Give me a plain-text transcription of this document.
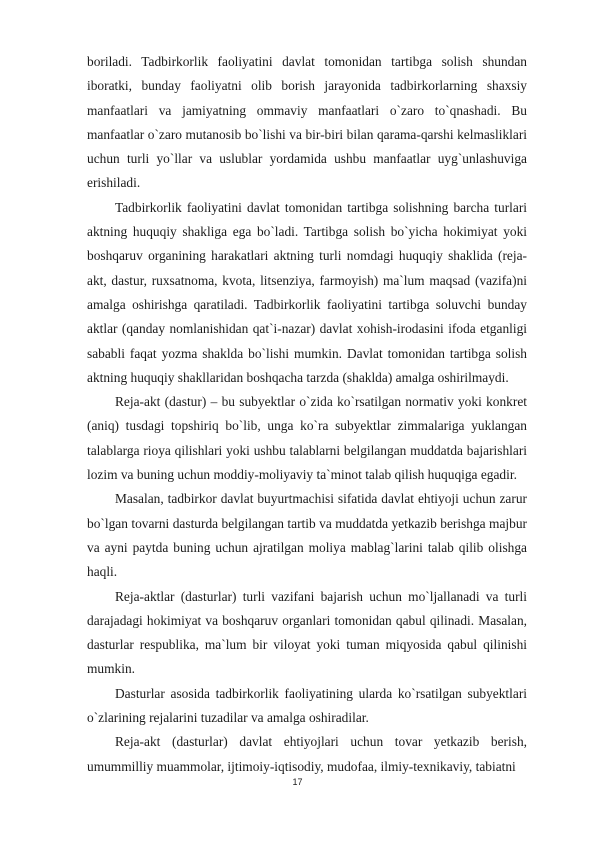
boriladi. Tadbirkorlik faoliyatini davlat tomonidan tartibga solish shundan iboratki, bunday faoliyatni olib borish jarayonida tadbirkorlarning shaxsiy manfaatlari va jamiyatning ommaviy manfaatlari o`zaro to`qnashadi. Bu manfaatlar o`zaro mutanosib bo`lishi va bir-biri bilan qarama-qarshi kelmasliklari uchun turli yo`llar va uslublar yordamida ushbu manfaatlar uyg`unlashuviga erishiladi.

Tadbirkorlik faoliyatini davlat tomonidan tartibga solishning barcha turlari aktning huquqiy shakliga ega bo`ladi. Tartibga solish bo`yicha hokimiyat yoki boshqaruv organining harakatlari aktning turli nomdagi huquqiy shaklida (reja-akt, dastur, ruxsatnoma, kvota, litsenziya, farmoyish) ma`lum maqsad (vazifa)ni amalga oshirishga qaratiladi. Tadbirkorlik faoliyatini tartibga soluvchi bunday aktlar (qanday nomlanishidan qat`i-nazar) davlat xohish-irodasini ifoda etganligi sababli faqat yozma shaklda bo`lishi mumkin. Davlat tomonidan tartibga solish aktning huquqiy shakllaridan boshqacha tarzda (shaklda) amalga oshirilmaydi.

Reja-akt (dastur) – bu subyektlar o`zida ko`rsatilgan normativ yoki konkret (aniq) tusdagi topshiriq bo`lib, unga ko`ra subyektlar zimmalariga yuklangan talablarga rioya qilishlari yoki ushbu talablarni belgilangan muddatda bajarishlari lozim va buning uchun moddiy-moliyaviy ta`minot talab qilish huquqiga egadir.

Masalan, tadbirkor davlat buyurtmachisi sifatida davlat ehtiyoji uchun zarur bo`lgan tovarni dasturda belgilangan tartib va muddatda yetkazib berishga majbur va ayni paytda buning uchun ajratilgan moliya mablag`larini talab qilib olishga haqli.

Reja-aktlar (dasturlar) turli vazifani bajarish uchun mo`ljallanadi va turli darajadagi hokimiyat va boshqaruv organlari tomonidan qabul qilinadi. Masalan, dasturlar respublika, ma`lum bir viloyat yoki tuman miqyosida qabul qilinishi mumkin.

Dasturlar asosida tadbirkorlik faoliyatining ularda ko`rsatilgan subyektlari o`zlarining rejalarini tuzadilar va amalga oshiradilar.

Reja-akt (dasturlar) davlat ehtiyojlari uchun tovar yetkazib berish, umummilliy muammolar, ijtimoiy-iqtisodiy, mudofaa, ilmiy-texnikaviy, tabiatni

17
